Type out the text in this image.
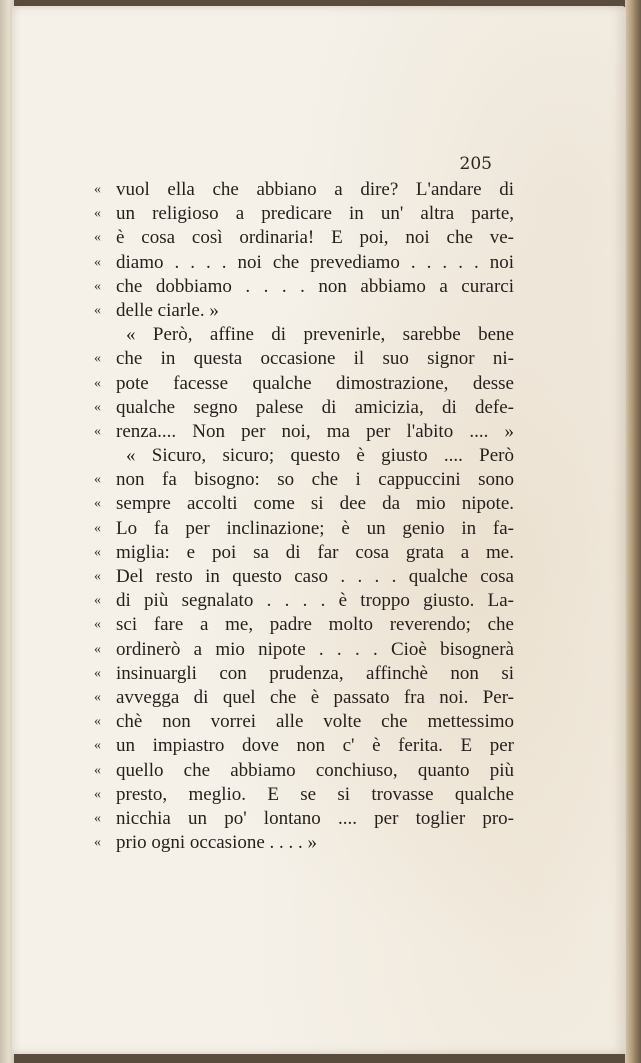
205
« vuol ella che abbiano a dire? L'andare di
« un religioso a predicare in un' altra parte,
« è cosa così ordinaria! E poi, noi che ve-
« diamo . . . . noi che prevediamo . . . . . noi
« che dobbiamo . . . . non abbiamo a curarci
« delle ciarle. »
« Però, affine di prevenirle, sarebbe bene
« che in questa occasione il suo signor ni-
« pote facesse qualche dimostrazione, desse
« qualche segno palese di amicizia, di defe-
« renza.... Non per noi, ma per l'abito .... »
« Sicuro, sicuro; questo è giusto .... Però
« non fa bisogno: so che i cappuccini sono
« sempre accolti come si dee da mio nipote.
« Lo fa per inclinazione; è un genio in fa-
« miglia: e poi sa di far cosa grata a me.
« Del resto in questo caso . . . . qualche cosa
« di più segnalato . . . . è troppo giusto. La-
« sci fare a me, padre molto reverendo; che
« ordinerò a mio nipote . . . . Cioè bisognerà
« insinuargli con prudenza, affinchè non si
« avvegga di quel che è passato fra noi. Per-
« chè non vorrei alle volte che mettessimo
« un impiastro dove non c' è ferita. E per
« quello che abbiamo conchiuso, quanto più
« presto, meglio. E se si trovasse qualche
« nicchia un po' lontano .... per toglier pro-
« prio ogni occasione . . . . »
